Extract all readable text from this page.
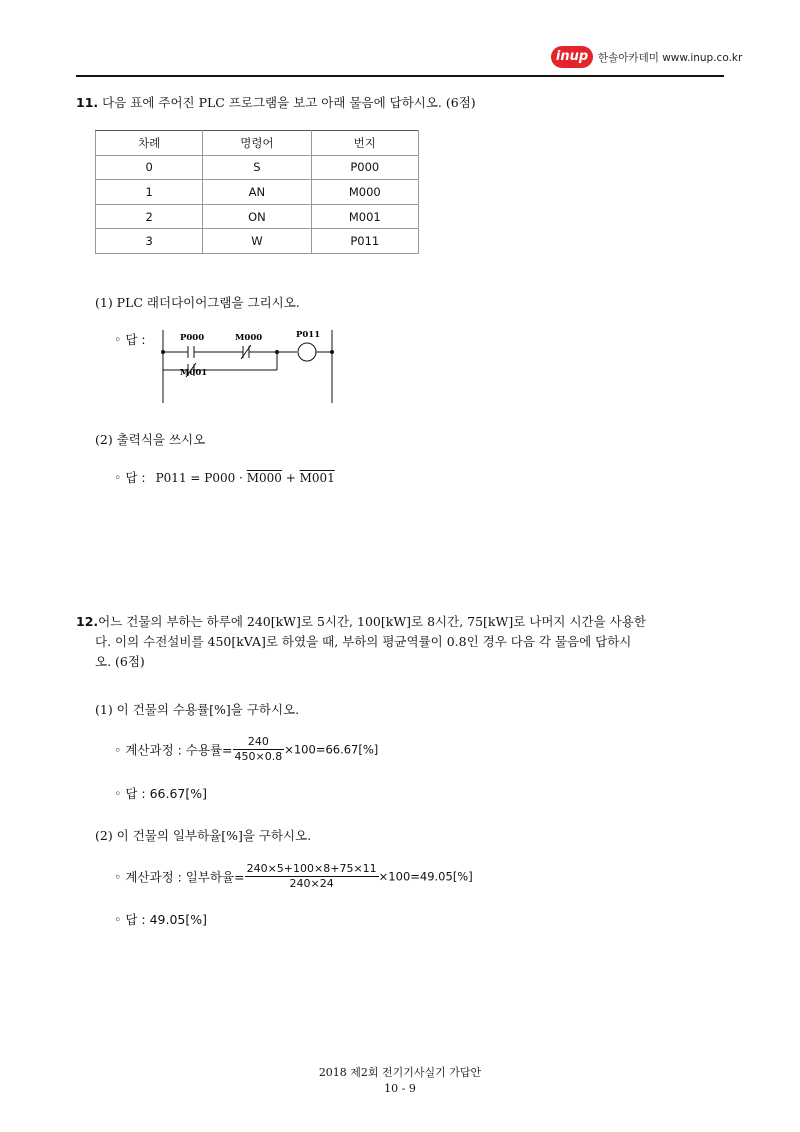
inup 한솔아카데미 www.inup.co.kr
11. 다음 표에 주어진 PLC 프로그램을 보고 아래 물음에 답하시오. (6점)
차례	명령어	번지
0	S	P000
1	AN	M000
2	ON	M001
3	W	P011
(1) PLC 래더다이어그램을 그리시오.
◦ 답 :	P000	M000
M001
P011
(2) 출력식을 쓰시오
◦ 답 : P011 = P000 · M000 + M001
12.어느 건물의 부하는 하루에 240[kW]로 5시간, 100[kW]로 8시간, 75[kW]로 나머지 시간을 사용한
다. 이의 수전설비를 450[kVA]로 하였을 때, 부하의 평균역률이 0.8인 경우 다음 각 물음에 답하시
오. (6점)
(1) 이 건물의 수용률[%]을 구하시오.
◦ 계산과정 : 수용률= $\frac{240}{450\times 0.8} \times 100=66.67[\%]$
◦ 답 : 66.67[%]
(2) 이 건물의 일부하율[%]을 구하시오.
◦ 계산과정 : 일부하율= $\frac{240\times 5+100\times 8+75\times 11}{240\times 24} \times 100=49.05[\%]$
◦ 답 : 49.05[%]
2018 제2회 전기기사실기 가답안
10 - 9
